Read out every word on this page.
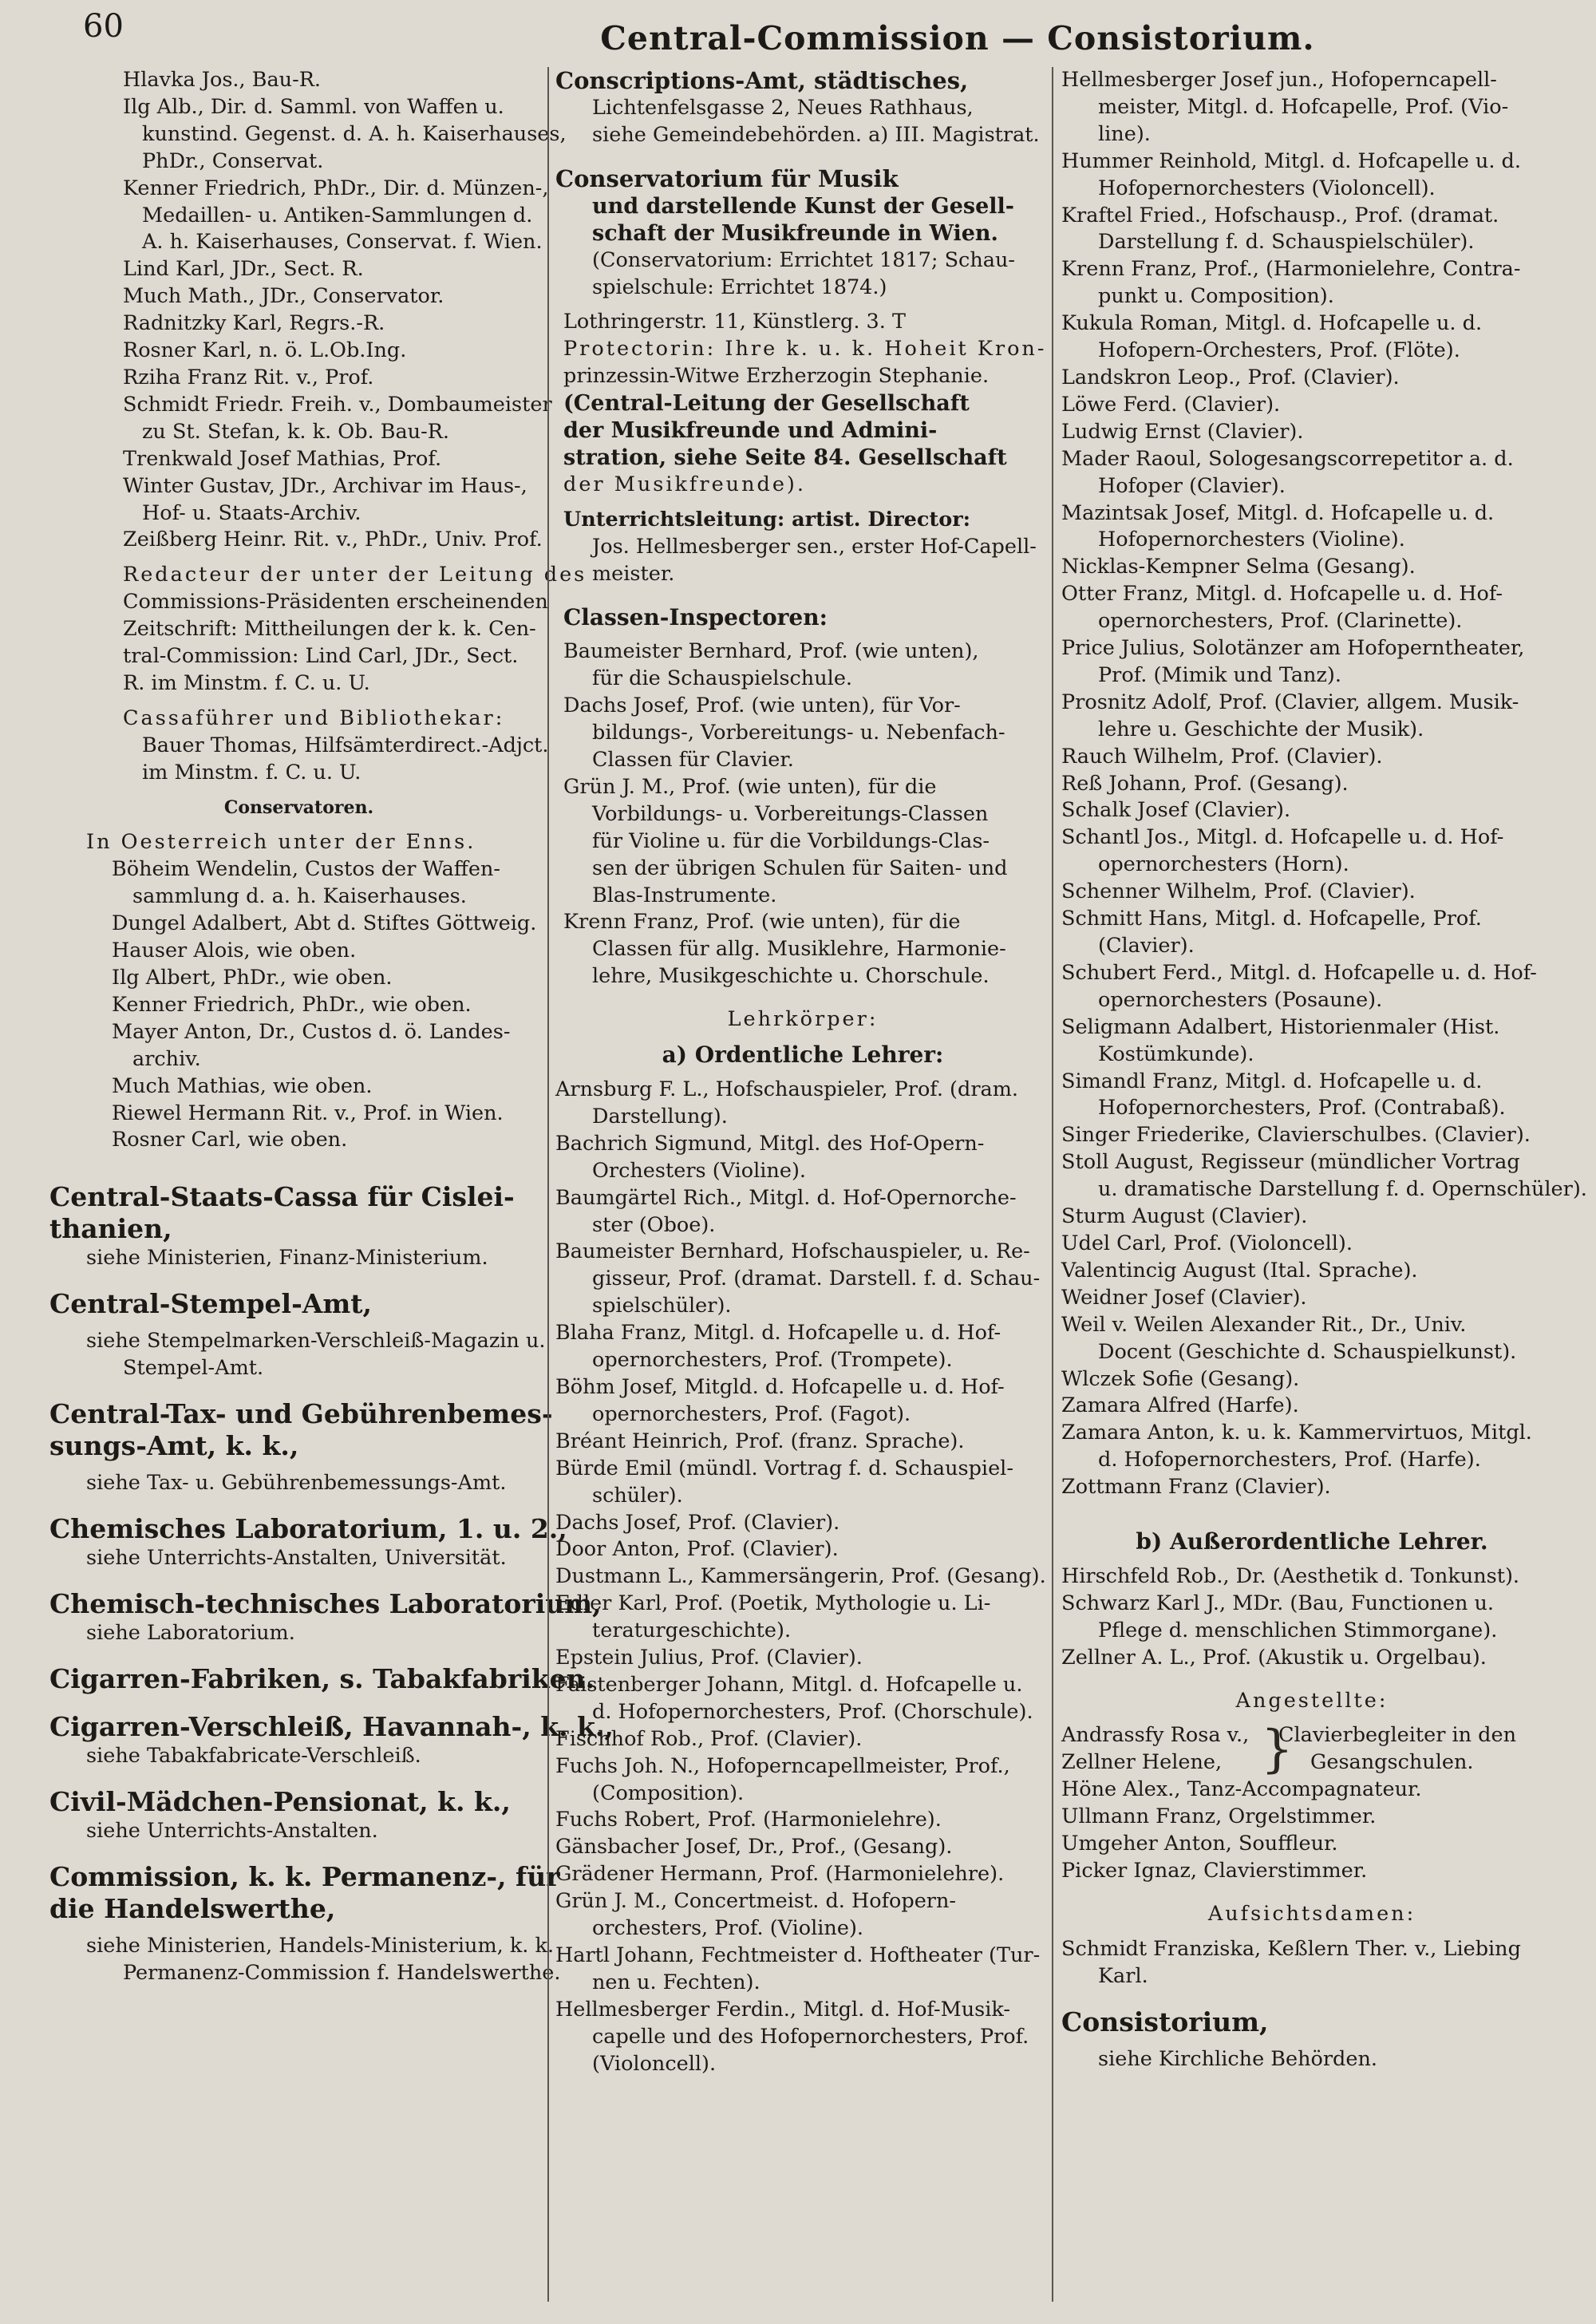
60	Central-Commission — Consistorium.
Hlavka Jos., Bau-R.
Ilg Alb., Dir. d. Samml. von Waffen u.
kunstind. Gegenst. d. A. h. Kaiserhauses,
PhDr., Conservat.
Kenner Friedrich, PhDr., Dir. d. Münzen-,
Medaillen- u. Antiken-Sammlungen d.
A. h. Kaiserhauses, Conservat. f. Wien.
Lind Karl, JDr., Sect. R.
Much Math., JDr., Conservator.
Radnitzky Karl, Regrs.-R.
Rosner Karl, n. ö. L.Ob.Ing.
Rziha Franz Rit. v., Prof.
Schmidt Friedr. Freih. v., Dombaumeister
zu St. Stefan, k. k. Ob. Bau-R.
Trenkwald Josef Mathias, Prof.
Winter Gustav, JDr., Archivar im Haus-,
Hof- u. Staats-Archiv.
Zeißberg Heinr. Rit. v., PhDr., Univ. Prof.
Redacteur der unter der Leitung des
Commissions-Präsidenten erscheinenden
Zeitschrift: Mittheilungen der k. k. Cen-
tral-Commission: Lind Carl, JDr., Sect.
R. im Minstm. f. C. u. U.
Cassaführer und Bibliothekar:
Bauer Thomas, Hilfsämterdirect.-Adjct.
im Minstm. f. C. u. U.
Conservatoren.
In Oesterreich unter der Enns.
Böheim Wendelin, Custos der Waffen-
sammlung d. a. h. Kaiserhauses.
Dungel Adalbert, Abt d. Stiftes Göttweig.
Hauser Alois, wie oben.
Ilg Albert, PhDr., wie oben.
Kenner Friedrich, PhDr., wie oben.
Mayer Anton, Dr., Custos d. ö. Landes-
archiv.
Much Mathias, wie oben.
Riewel Hermann Rit. v., Prof. in Wien.
Rosner Carl, wie oben.
Central-Staats-Cassa für Cislei-
thanien,
siehe Ministerien, Finanz-Ministerium.
Central-Stempel-Amt,
siehe Stempelmarken-Verschleiß-Magazin u.
Stempel-Amt.
Central-Tax- und Gebührenbemes-
sungs-Amt, k. k.,
siehe Tax- u. Gebührenbemessungs-Amt.
Chemisches Laboratorium, 1. u. 2.,
siehe Unterrichts-Anstalten, Universität.
Chemisch-technisches Laboratorium,
siehe Laboratorium.
Cigarren-Fabriken, s. Tabakfabriken.
Cigarren-Verschleiß, Havannah-, k. k.,
siehe Tabakfabricate-Verschleiß.
Civil-Mädchen-Pensionat, k. k.,
siehe Unterrichts-Anstalten.
Commission, k. k. Permanenz-, für
die Handelswerthe,
siehe Ministerien, Handels-Ministerium, k. k.
Permanenz-Commission f. Handelswerthe.
Conscriptions-Amt, städtisches,
Lichtenfelsgasse 2, Neues Rathhaus,
siehe Gemeindebehörden. a) III. Magistrat.
Conservatorium für Musik
und darstellende Kunst der Gesell-
schaft der Musikfreunde in Wien.
(Conservatorium: Errichtet 1817; Schau-
spielschule: Errichtet 1874.)
Lothringerstr. 11, Künstlerg. 3. T
Protectorin: Ihre k. u. k. Hoheit Kron-
prinzessin-Witwe Erzherzogin Stephanie.
(Central-Leitung der Gesellschaft
der Musikfreunde und Admini-
stration, siehe Seite 84. Gesellschaft
der Musikfreunde).
Unterrichtsleitung: artist. Director:
Jos. Hellmesberger sen., erster Hof-Capell-
meister.
Classen-Inspectoren:
Baumeister Bernhard, Prof. (wie unten),
für die Schauspielschule.
Dachs Josef, Prof. (wie unten), für Vor-
bildungs-, Vorbereitungs- u. Nebenfach-
Classen für Clavier.
Grün J. M., Prof. (wie unten), für die
Vorbildungs- u. Vorbereitungs-Classen
für Violine u. für die Vorbildungs-Clas-
sen der übrigen Schulen für Saiten- und
Blas-Instrumente.
Krenn Franz, Prof. (wie unten), für die
Classen für allg. Musiklehre, Harmonie-
lehre, Musikgeschichte u. Chorschule.
Lehrkörper:
a) Ordentliche Lehrer:
Arnsburg F. L., Hofschauspieler, Prof. (dram.
Darstellung).
Bachrich Sigmund, Mitgl. des Hof-Opern-
Orchesters (Violine).
Baumgärtel Rich., Mitgl. d. Hof-Opernorche-
ster (Oboe).
Baumeister Bernhard, Hofschauspieler, u. Re-
gisseur, Prof. (dramat. Darstell. f. d. Schau-
spielschüler).
Blaha Franz, Mitgl. d. Hofcapelle u. d. Hof-
opernorchesters, Prof. (Trompete).
Böhm Josef, Mitgld. d. Hofcapelle u. d. Hof-
opernorchesters, Prof. (Fagot).
Bréant Heinrich, Prof. (franz. Sprache).
Bürde Emil (mündl. Vortrag f. d. Schauspiel-
schüler).
Dachs Josef, Prof. (Clavier).
Door Anton, Prof. (Clavier).
Dustmann L., Kammersängerin, Prof. (Gesang).
Edler Karl, Prof. (Poetik, Mythologie u. Li-
teraturgeschichte).
Epstein Julius, Prof. (Clavier).
Faistenberger Johann, Mitgl. d. Hofcapelle u.
d. Hofopernorchesters, Prof. (Chorschule).
Fischhof Rob., Prof. (Clavier).
Fuchs Joh. N., Hofoperncapellmeister, Prof.,
(Composition).
Fuchs Robert, Prof. (Harmonielehre).
Gänsbacher Josef, Dr., Prof., (Gesang).
Grädener Hermann, Prof. (Harmonielehre).
Grün J. M., Concertmeist. d. Hofopern-
orchesters, Prof. (Violine).
Hartl Johann, Fechtmeister d. Hoftheater (Tur-
nen u. Fechten).
Hellmesberger Ferdin., Mitgl. d. Hof-Musik-
capelle und des Hofopernorchesters, Prof.
(Violoncell).
Hellmesberger Josef jun., Hofoperncapell-
meister, Mitgl. d. Hofcapelle, Prof. (Vio-
line).
Hummer Reinhold, Mitgl. d. Hofcapelle u. d.
Hofopernorchesters (Violoncell).
Kraftel Fried., Hofschausp., Prof. (dramat.
Darstellung f. d. Schauspielschüler).
Krenn Franz, Prof., (Harmonielehre, Contra-
punkt u. Composition).
Kukula Roman, Mitgl. d. Hofcapelle u. d.
Hofopern-Orchesters, Prof. (Flöte).
Landskron Leop., Prof. (Clavier).
Löwe Ferd. (Clavier).
Ludwig Ernst (Clavier).
Mader Raoul, Sologesangscorrepetitor a. d.
Hofoper (Clavier).
Mazintsak Josef, Mitgl. d. Hofcapelle u. d.
Hofopernorchesters (Violine).
Nicklas-Kempner Selma (Gesang).
Otter Franz, Mitgl. d. Hofcapelle u. d. Hof-
opernorchesters, Prof. (Clarinette).
Price Julius, Solotänzer am Hofoperntheater,
Prof. (Mimik und Tanz).
Prosnitz Adolf, Prof. (Clavier, allgem. Musik-
lehre u. Geschichte der Musik).
Rauch Wilhelm, Prof. (Clavier).
Reß Johann, Prof. (Gesang).
Schalk Josef (Clavier).
Schantl Jos., Mitgl. d. Hofcapelle u. d. Hof-
opernorchesters (Horn).
Schenner Wilhelm, Prof. (Clavier).
Schmitt Hans, Mitgl. d. Hofcapelle, Prof.
(Clavier).
Schubert Ferd., Mitgl. d. Hofcapelle u. d. Hof-
opernorchesters (Posaune).
Seligmann Adalbert, Historienmaler (Hist.
Kostümkunde).
Simandl Franz, Mitgl. d. Hofcapelle u. d.
Hofopernorchesters, Prof. (Contrabaß).
Singer Friederike, Clavierschulbes. (Clavier).
Stoll August, Regisseur (mündlicher Vortrag
u. dramatische Darstellung f. d. Opernschüler).
Sturm August (Clavier).
Udel Carl, Prof. (Violoncell).
Valentincig August (Ital. Sprache).
Weidner Josef (Clavier).
Weil v. Weilen Alexander Rit., Dr., Univ.
Docent (Geschichte d. Schauspielkunst).
Wlczek Sofie (Gesang).
Zamara Alfred (Harfe).
Zamara Anton, k. u. k. Kammervirtuos, Mitgl.
d. Hofopernorchesters, Prof. (Harfe).
Zottmann Franz (Clavier).
b) Außerordentliche Lehrer.
Hirschfeld Rob., Dr. (Aesthetik d. Tonkunst).
Schwarz Karl J., MDr. (Bau, Functionen u.
Pflege d. menschlichen Stimmorgane).
Zellner A. L., Prof. (Akustik u. Orgelbau).
Angestellte:
Andrassfy Rosa v.,
Zellner Helene, }
Clavierbegleiter in den
Gesangschulen.
Höne Alex., Tanz-Accompagnateur.
Ullmann Franz, Orgelstimmer.
Umgeher Anton, Souffleur.
Picker Ignaz, Clavierstimmer.
Aufsichtsdamen:
Schmidt Franziska, Keßlern Ther. v., Liebing
Karl.
Consistorium,
siehe Kirchliche Behörden.
